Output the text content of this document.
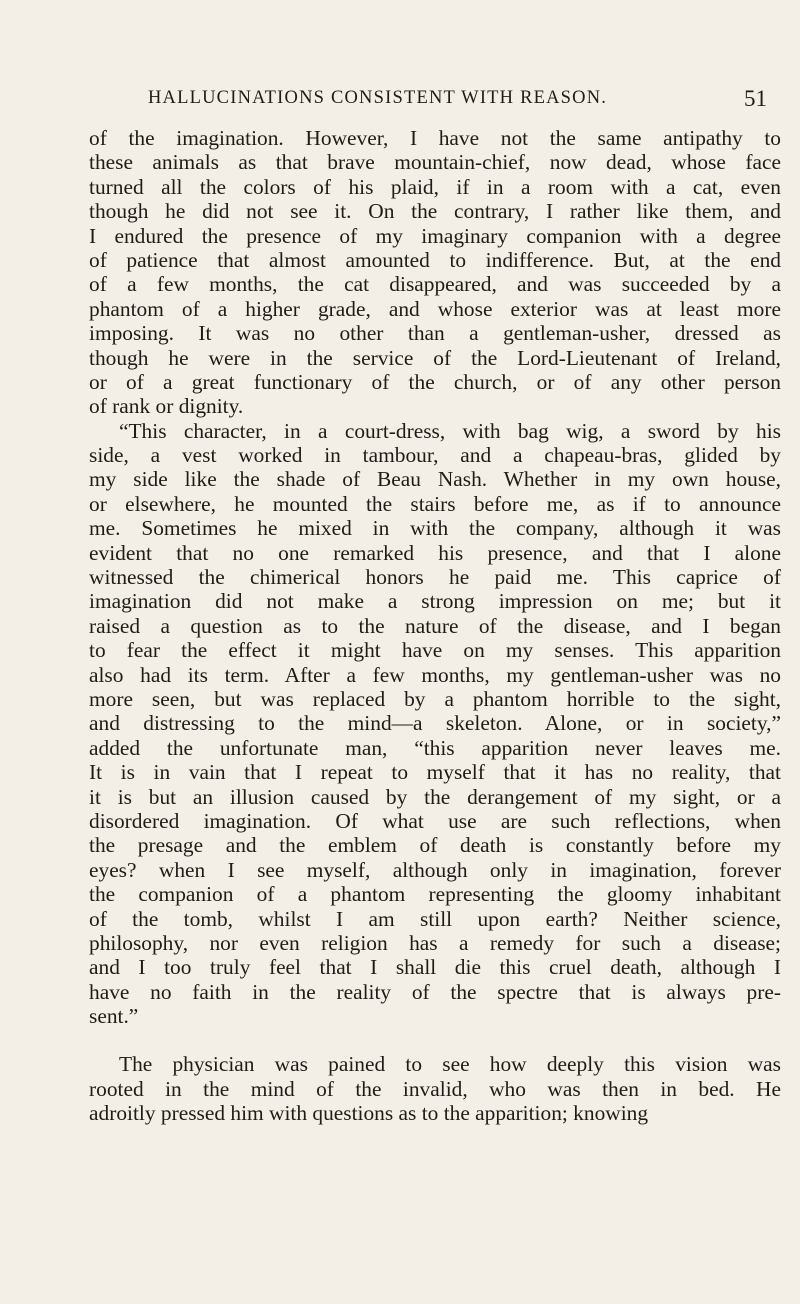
HALLUCINATIONS CONSISTENT WITH REASON.	51
of the imagination. However, I have not the same antipathy to
these animals as that brave mountain-chief, now dead, whose face
turned all the colors of his plaid, if in a room with a cat, even
though he did not see it. On the contrary, I rather like them, and
I endured the presence of my imaginary companion with a degree
of patience that almost amounted to indifference. But, at the end
of a few months, the cat disappeared, and was succeeded by a
phantom of a higher grade, and whose exterior was at least more
imposing. It was no other than a gentleman-usher, dressed as
though he were in the service of the Lord-Lieutenant of Ireland,
or of a great functionary of the church, or of any other person
of rank or dignity.
“This character, in a court-dress, with bag wig, a sword by his
side, a vest worked in tambour, and a chapeau-bras, glided by
my side like the shade of Beau Nash. Whether in my own house,
or elsewhere, he mounted the stairs before me, as if to announce
me. Sometimes he mixed in with the company, although it was
evident that no one remarked his presence, and that I alone
witnessed the chimerical honors he paid me. This caprice of
imagination did not make a strong impression on me; but it
raised a question as to the nature of the disease, and I began
to fear the effect it might have on my senses. This apparition
also had its term. After a few months, my gentleman-usher was no
more seen, but was replaced by a phantom horrible to the sight,
and distressing to the mind—a skeleton. Alone, or in society,”
added the unfortunate man, “this apparition never leaves me.
It is in vain that I repeat to myself that it has no reality, that
it is but an illusion caused by the derangement of my sight, or a
disordered imagination. Of what use are such reflections, when
the presage and the emblem of death is constantly before my
eyes? when I see myself, although only in imagination, forever
the companion of a phantom representing the gloomy inhabitant
of the tomb, whilst I am still upon earth? Neither science,
philosophy, nor even religion has a remedy for such a disease;
and I too truly feel that I shall die this cruel death, although I
have no faith in the reality of the spectre that is always pre-
sent.”
The physician was pained to see how deeply this vision was
rooted in the mind of the invalid, who was then in bed. He
adroitly pressed him with questions as to the apparition; knowing
